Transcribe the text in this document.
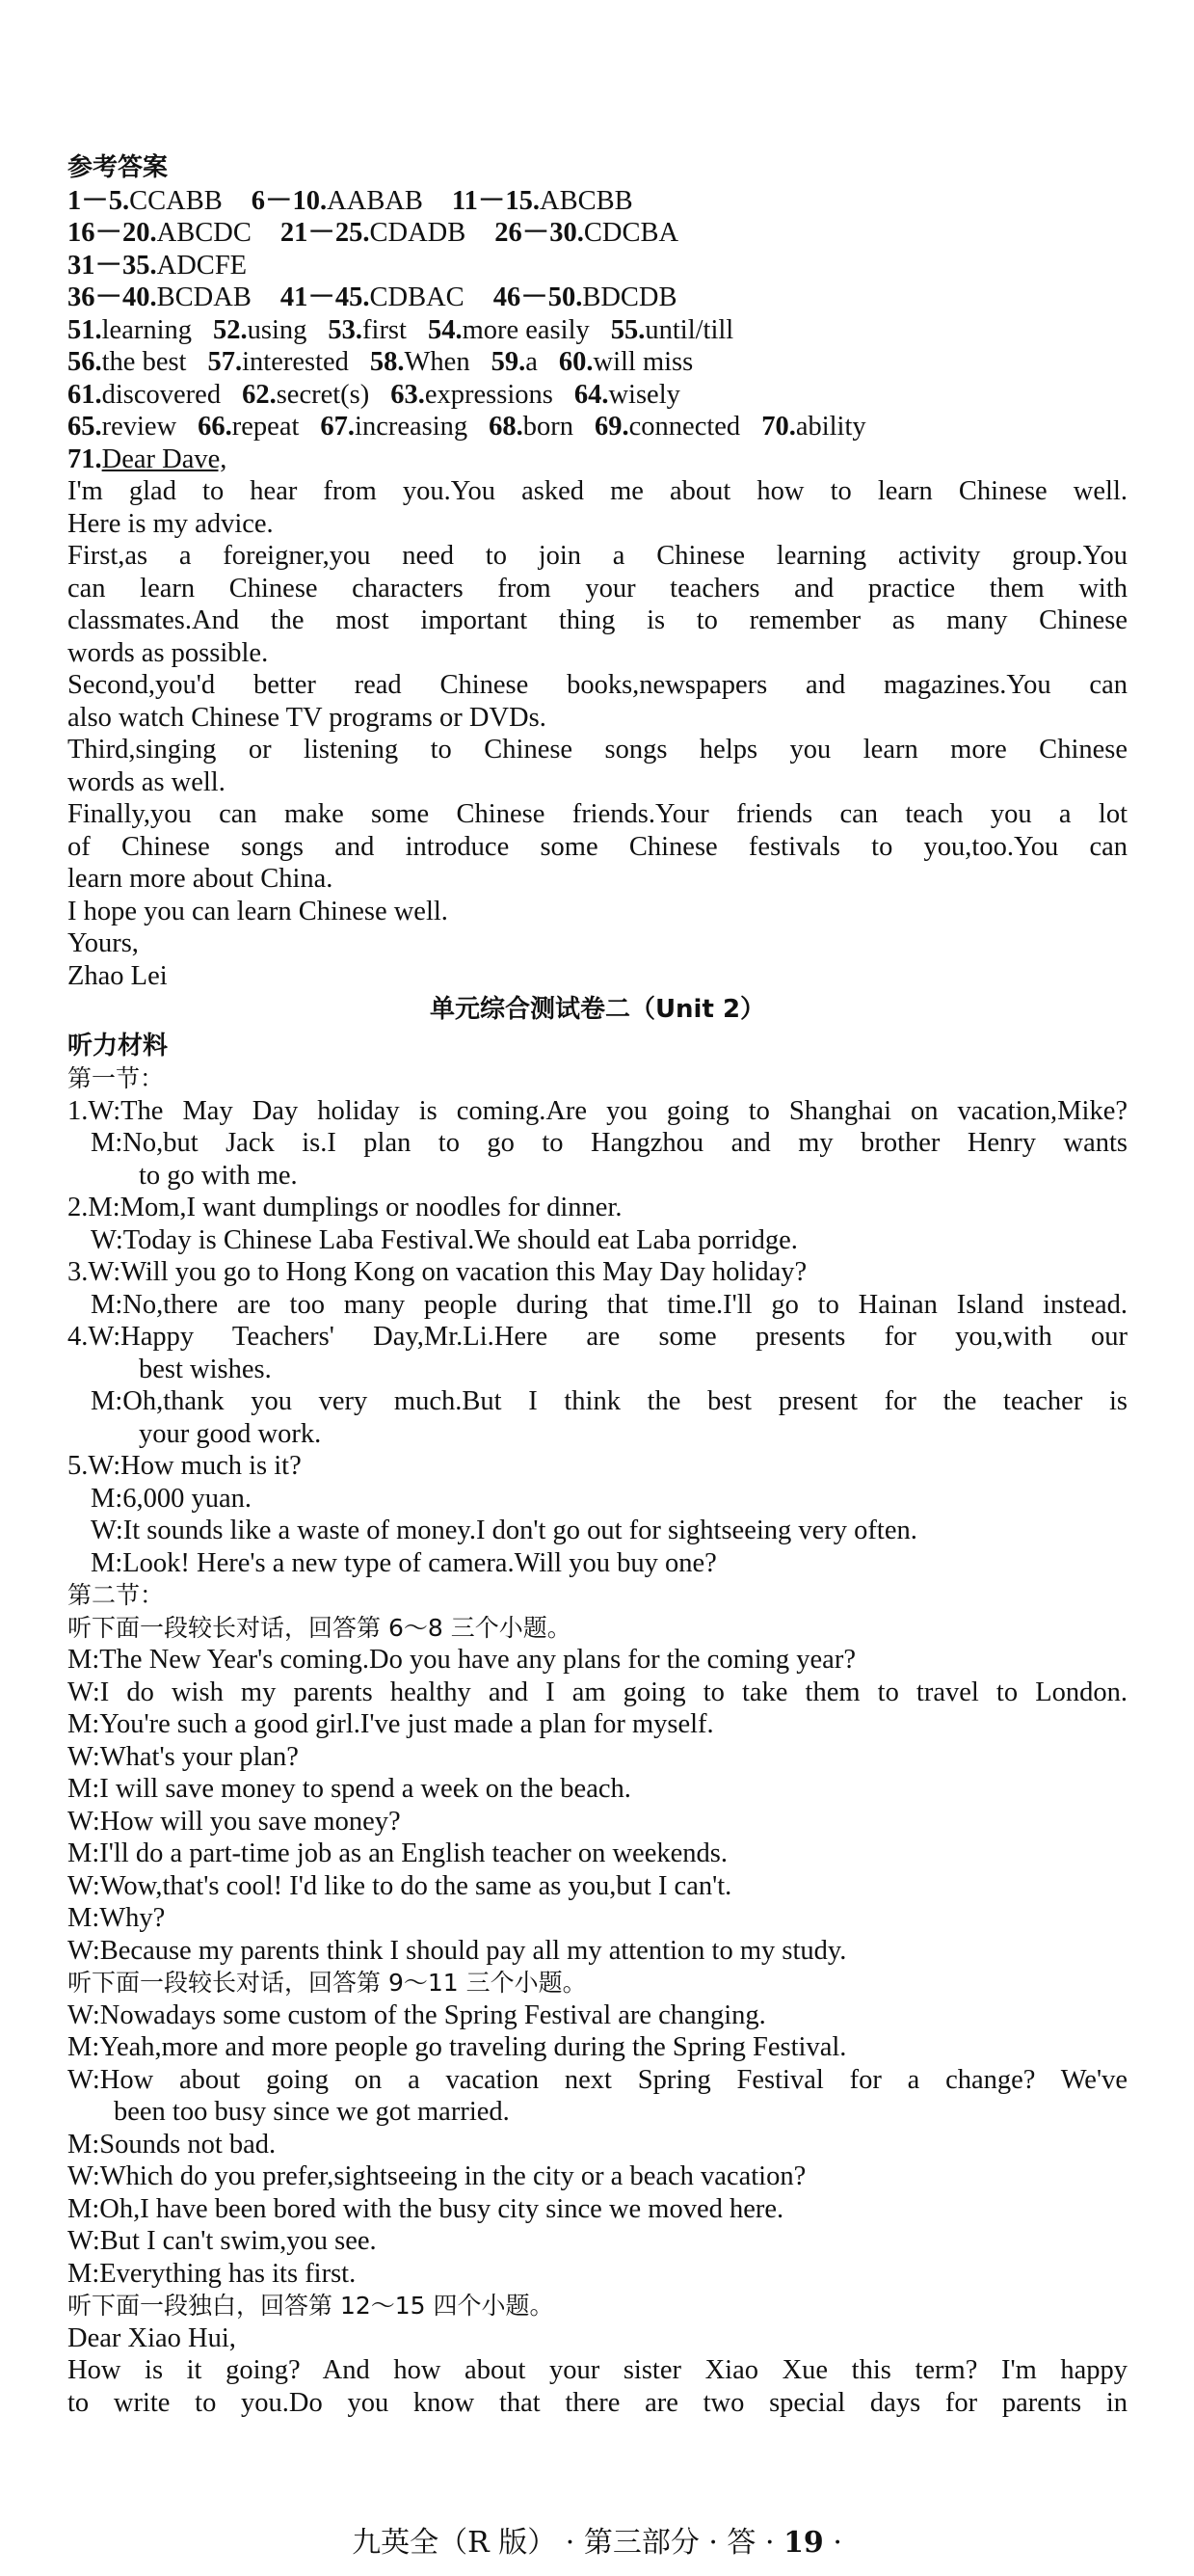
参考答案
1－5.CCABB 6－10.AABAB 11－15.ABCBB
16－20.ABCDC 21－25.CDADB 26－30.CDCBA
31－35.ADCFE
36－40.BCDAB 41－45.CDBAC 46－50.BDCDB
51.learning 52.using 53.first 54.more easily 55.until/till
56.the best 57.interested 58.When 59.a 60.will miss
61.discovered 62.secret(s) 63.expressions 64.wisely
65.review 66.repeat 67.increasing 68.born 69.connected 70.ability
71.Dear Dave,
I'm glad to hear from you.You asked me about how to learn Chinese well.
Here is my advice.
First,as a foreigner,you need to join a Chinese learning activity group.You
can learn Chinese characters from your teachers and practice them with
classmates.And the most important thing is to remember as many Chinese
words as possible.
Second,you'd better read Chinese books,newspapers and magazines.You can
also watch Chinese TV programs or DVDs.
Third,singing or listening to Chinese songs helps you learn more Chinese
words as well.
Finally,you can make some Chinese friends.Your friends can teach you a lot
of Chinese songs and introduce some Chinese festivals to you,too.You can
learn more about China.
I hope you can learn Chinese well.
Yours,
Zhao Lei
单元综合测试卷二（Unit 2）
听力材料
第一节：
1.W:The May Day holiday is coming.Are you going to Shanghai on vacation,Mike?
M:No,but Jack is.I plan to go to Hangzhou and my brother Henry wants
to go with me.
2.M:Mom,I want dumplings or noodles for dinner.
W:Today is Chinese Laba Festival.We should eat Laba porridge.
3.W:Will you go to Hong Kong on vacation this May Day holiday?
M:No,there are too many people during that time.I'll go to Hainan Island instead.
4.W:Happy Teachers' Day,Mr.Li.Here are some presents for you,with our
best wishes.
M:Oh,thank you very much.But I think the best present for the teacher is
your good work.
5.W:How much is it?
M:6,000 yuan.
W:It sounds like a waste of money.I don't go out for sightseeing very often.
M:Look! Here's a new type of camera.Will you buy one?
第二节：
听下面一段较长对话，回答第 6～8 三个小题。
M:The New Year's coming.Do you have any plans for the coming year?
W:I do wish my parents healthy and I am going to take them to travel to London.
M:You're such a good girl.I've just made a plan for myself.
W:What's your plan?
M:I will save money to spend a week on the beach.
W:How will you save money?
M:I'll do a part-time job as an English teacher on weekends.
W:Wow,that's cool! I'd like to do the same as you,but I can't.
M:Why?
W:Because my parents think I should pay all my attention to my study.
听下面一段较长对话，回答第 9～11 三个小题。
W:Nowadays some custom of the Spring Festival are changing.
M:Yeah,more and more people go traveling during the Spring Festival.
W:How about going on a vacation next Spring Festival for a change? We've
been too busy since we got married.
M:Sounds not bad.
W:Which do you prefer,sightseeing in the city or a beach vacation?
M:Oh,I have been bored with the busy city since we moved here.
W:But I can't swim,you see.
M:Everything has its first.
听下面一段独白，回答第 12～15 四个小题。
Dear Xiao Hui,
How is it going? And how about your sister Xiao Xue this term? I'm happy
to write to you.Do you know that there are two special days for parents in
九英全（R 版） · 第三部分 · 答 · 19 ·
